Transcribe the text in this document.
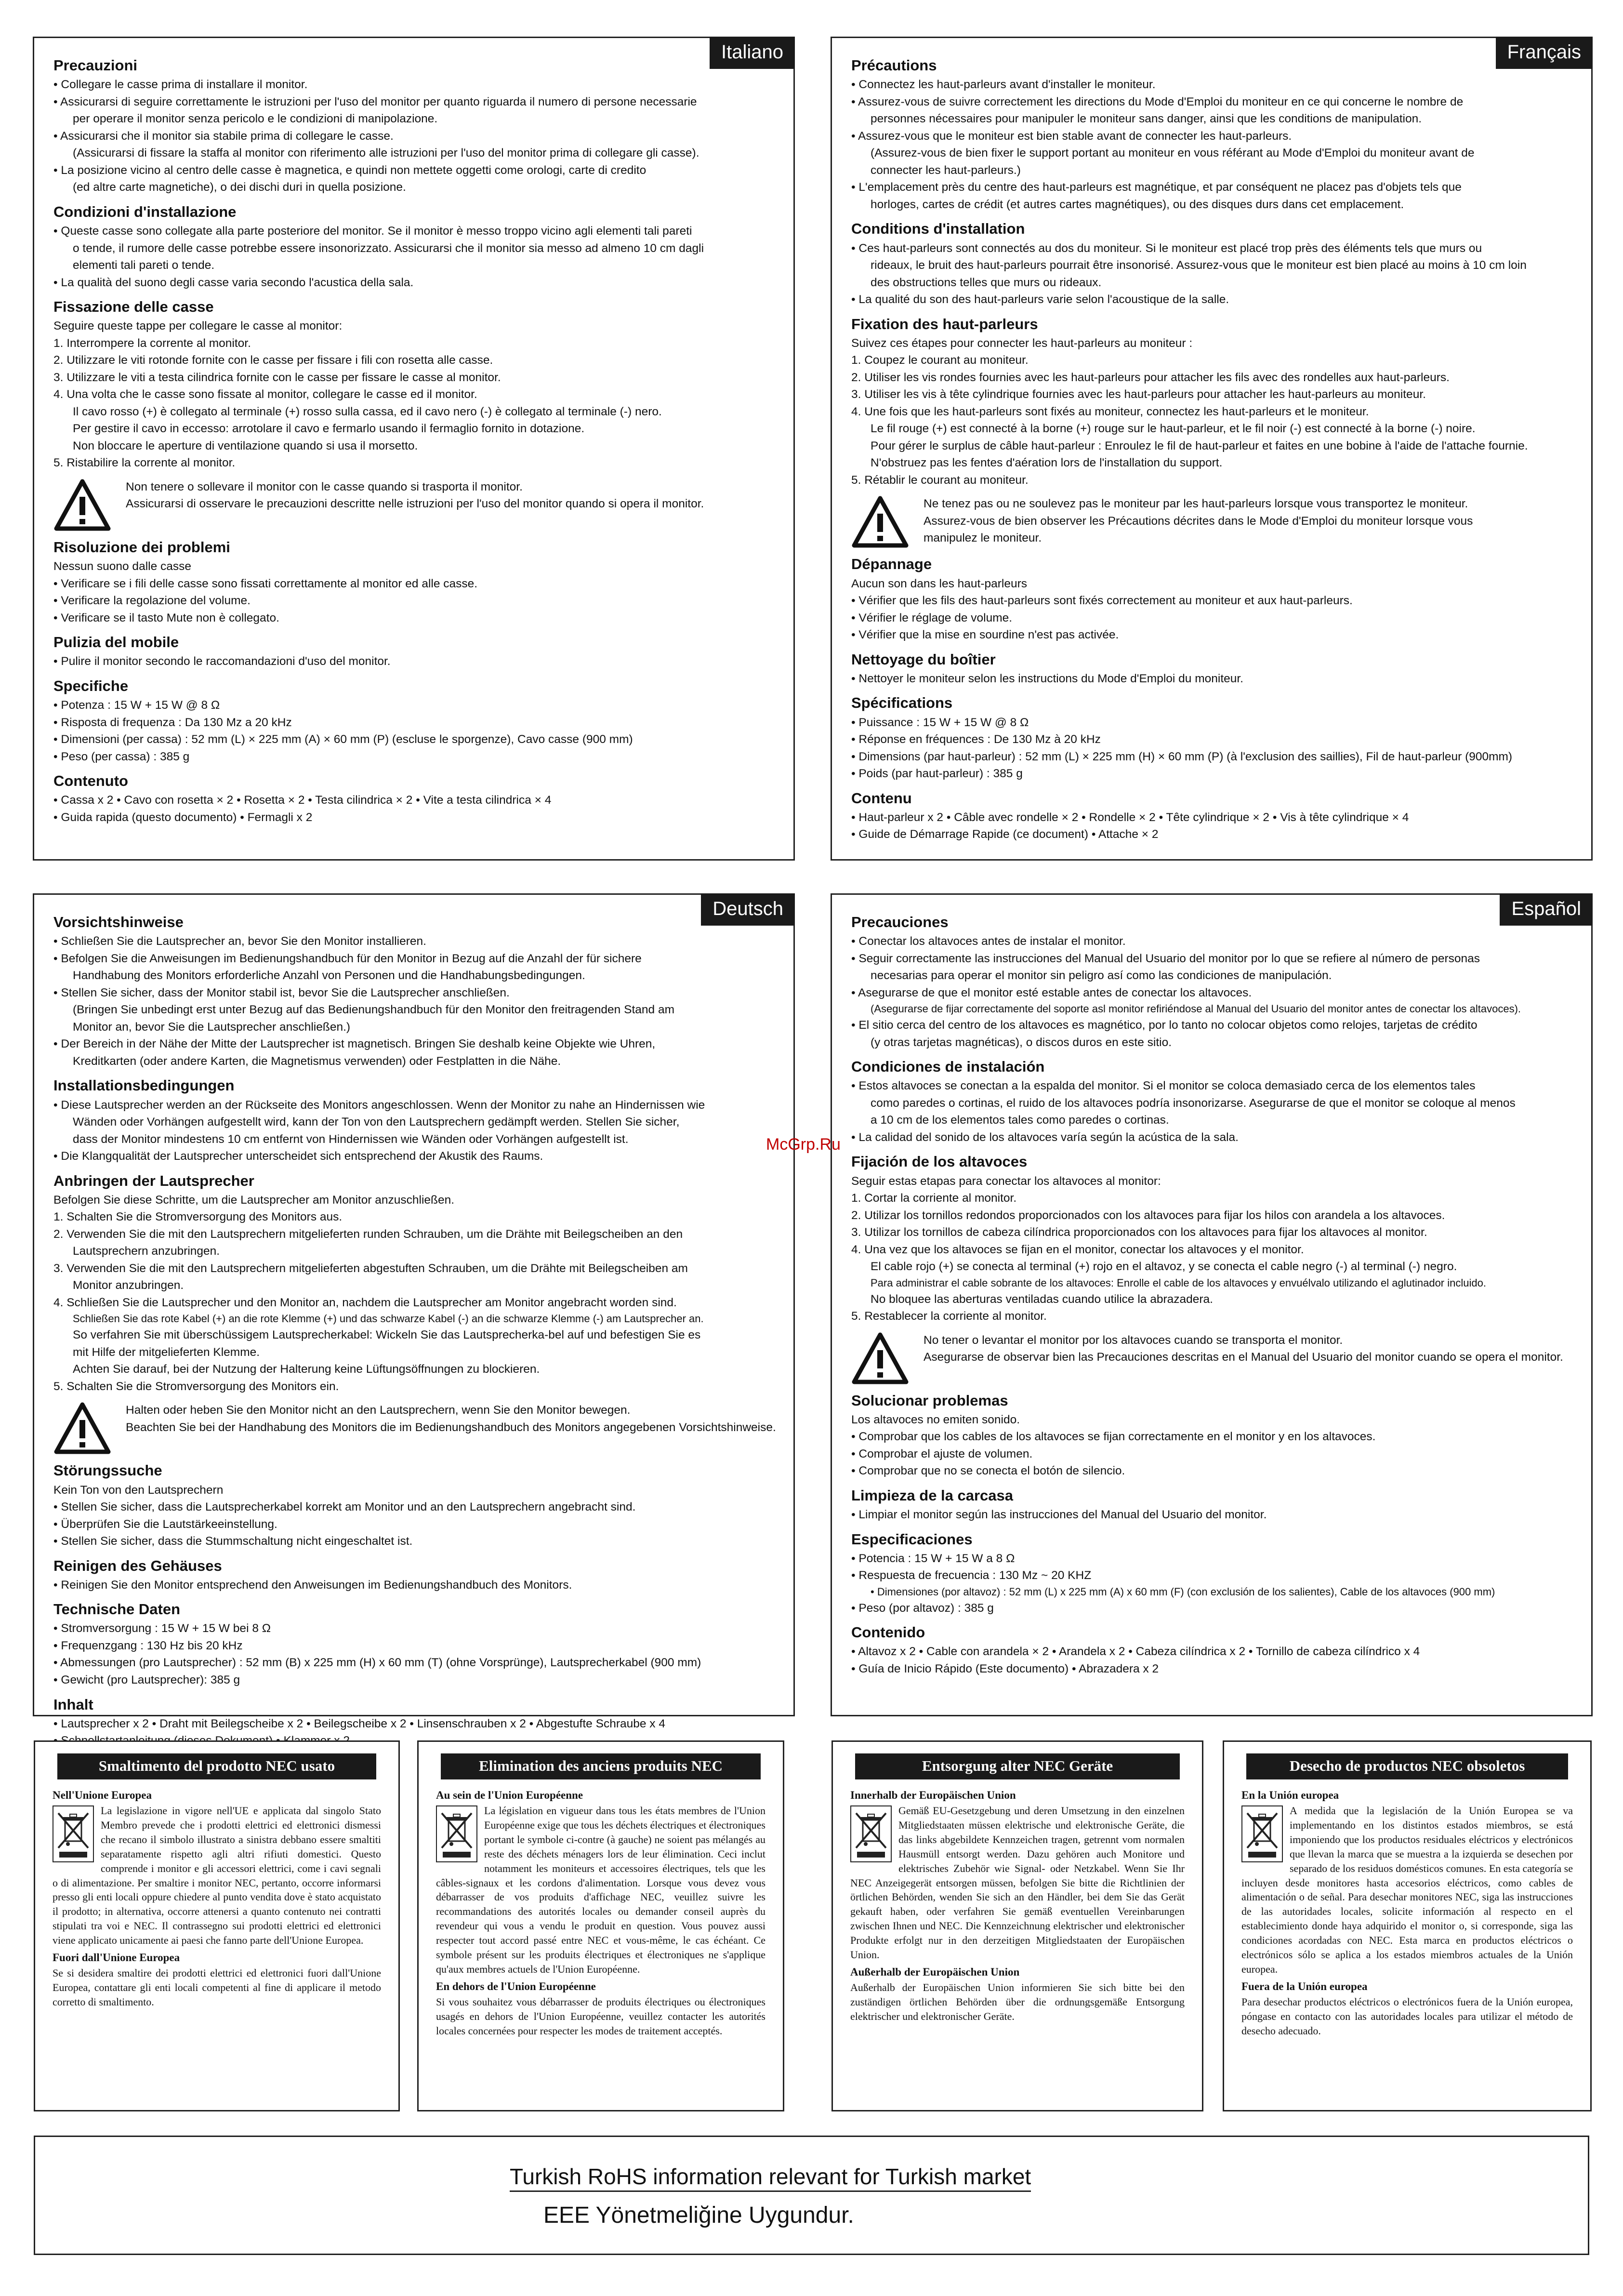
Italiano
Precauzioni
• Collegare le casse prima di installare il monitor.
• Assicurarsi di seguire correttamente le istruzioni per l'uso del monitor per quanto riguarda il numero di persone necessarie
per operare il monitor senza pericolo e le condizioni di manipolazione.
• Assicurarsi che il monitor sia stabile prima di collegare le casse.
(Assicurarsi di fissare la staffa al monitor con riferimento alle istruzioni per l'uso del monitor prima di collegare gli casse).
• La posizione vicino al centro delle casse è magnetica, e quindi non mettete oggetti come orologi, carte di credito
(ed altre carte magnetiche), o dei dischi duri in quella posizione.
Condizioni d'installazione
• Queste casse sono collegate alla parte posteriore del monitor. Se il monitor è messo troppo vicino agli elementi tali pareti
o tende, il rumore delle casse potrebbe essere insonorizzato. Assicurarsi che il monitor sia messo ad almeno 10 cm dagli
elementi tali pareti o tende.
• La qualità del suono degli casse varia secondo l'acustica della sala.
Fissazione delle casse
Seguire queste tappe per collegare le casse al monitor:
1. Interrompere la corrente al monitor.
2. Utilizzare le viti rotonde fornite con le casse per fissare i fili con rosetta alle casse.
3. Utilizzare le viti a testa cilindrica fornite con le casse per fissare le casse al monitor.
4. Una volta che le casse sono fissate al monitor, collegare le casse ed il monitor.
Il cavo rosso (+) è collegato al terminale (+) rosso sulla cassa, ed il cavo nero (-) è collegato al terminale (-) nero.
Per gestire il cavo in eccesso: arrotolare il cavo e fermarlo usando il fermaglio fornito in dotazione.
Non bloccare le aperture di ventilazione quando si usa il morsetto.
5. Ristabilire la corrente al monitor.
Non tenere o sollevare il monitor con le casse quando si trasporta il monitor.
Assicurarsi di osservare le precauzioni descritte nelle istruzioni per l'uso del monitor quando si opera il monitor.
Risoluzione dei problemi
Nessun suono dalle casse
• Verificare se i fili delle casse sono fissati correttamente al monitor ed alle casse.
• Verificare la regolazione del volume.
• Verificare se il tasto Mute non è collegato.
Pulizia del mobile
• Pulire il monitor secondo le raccomandazioni d'uso del monitor.
Specifiche
• Potenza : 15 W + 15 W @ 8 Ω
• Risposta di frequenza : Da 130 Mz a 20 kHz
• Dimensioni (per cassa) : 52 mm (L) × 225 mm (A) × 60 mm (P) (escluse le sporgenze), Cavo casse (900 mm)
• Peso (per cassa) : 385 g
Contenuto
• Cassa x 2 • Cavo con rosetta × 2 • Rosetta × 2 • Testa cilindrica × 2 • Vite a testa cilindrica × 4
• Guida rapida (questo documento) • Fermagli x 2
Français
Précautions
• Connectez les haut-parleurs avant d'installer le moniteur.
• Assurez-vous de suivre correctement les directions du Mode d'Emploi du moniteur en ce qui concerne le nombre de
personnes nécessaires pour manipuler le moniteur sans danger, ainsi que les conditions de manipulation.
• Assurez-vous que le moniteur est bien stable avant de connecter les haut-parleurs.
(Assurez-vous de bien fixer le support portant au moniteur en vous référant au Mode d'Emploi du moniteur avant de
connecter les haut-parleurs.)
• L'emplacement près du centre des haut-parleurs est magnétique, et par conséquent ne placez pas d'objets tels que
horloges, cartes de crédit (et autres cartes magnétiques), ou des disques durs dans cet emplacement.
Conditions d'installation
• Ces haut-parleurs sont connectés au dos du moniteur. Si le moniteur est placé trop près des éléments tels que murs ou
rideaux, le bruit des haut-parleurs pourrait être insonorisé. Assurez-vous que le moniteur est bien placé au moins à 10 cm loin
des obstructions telles que murs ou rideaux.
• La qualité du son des haut-parleurs varie selon l'acoustique de la salle.
Fixation des haut-parleurs
Suivez ces étapes pour connecter les haut-parleurs au moniteur :
1. Coupez le courant au moniteur.
2. Utiliser les vis rondes fournies avec les haut-parleurs pour attacher les fils avec des rondelles aux haut-parleurs.
3. Utiliser les vis à tête cylindrique fournies avec les haut-parleurs pour attacher les haut-parleurs au moniteur.
4. Une fois que les haut-parleurs sont fixés au moniteur, connectez les haut-parleurs et le moniteur.
Le fil rouge (+) est connecté à la borne (+) rouge sur le haut-parleur, et le fil noir (-) est connecté à la borne (-) noire.
Pour gérer le surplus de câble haut-parleur : Enroulez le fil de haut-parleur et faites en une bobine à l'aide de l'attache fournie.
N'obstruez pas les fentes d'aération lors de l'installation du support.
5. Rétablir le courant au moniteur.
Ne tenez pas ou ne soulevez pas le moniteur par les haut-parleurs lorsque vous transportez le moniteur.
Assurez-vous de bien observer les Précautions décrites dans le Mode d'Emploi du moniteur lorsque vous
manipulez le moniteur.
Dépannage
Aucun son dans les haut-parleurs
• Vérifier que les fils des haut-parleurs sont fixés correctement au moniteur et aux haut-parleurs.
• Vérifier le réglage de volume.
• Vérifier que la mise en sourdine n'est pas activée.
Nettoyage du boîtier
• Nettoyer le moniteur selon les instructions du Mode d'Emploi du moniteur.
Spécifications
• Puissance : 15 W + 15 W @ 8 Ω
• Réponse en fréquences : De 130 Mz à 20 kHz
• Dimensions (par haut-parleur) : 52 mm (L) × 225 mm (H) × 60 mm (P) (à l'exclusion des saillies), Fil de haut-parleur (900mm)
• Poids (par haut-parleur) : 385 g
Contenu
• Haut-parleur x 2 • Câble avec rondelle × 2 • Rondelle × 2 • Tête cylindrique × 2 • Vis à tête cylindrique × 4
• Guide de Démarrage Rapide (ce document) • Attache × 2
Deutsch
Vorsichtshinweise
• Schließen Sie die Lautsprecher an, bevor Sie den Monitor installieren.
• Befolgen Sie die Anweisungen im Bedienungshandbuch für den Monitor in Bezug auf die Anzahl der für sichere
Handhabung des Monitors erforderliche Anzahl von Personen und die Handhabungsbedingungen.
• Stellen Sie sicher, dass der Monitor stabil ist, bevor Sie die Lautsprecher anschließen.
(Bringen Sie unbedingt erst unter Bezug auf das Bedienungshandbuch für den Monitor den freitragenden Stand am
Monitor an, bevor Sie die Lautsprecher anschließen.)
• Der Bereich in der Nähe der Mitte der Lautsprecher ist magnetisch. Bringen Sie deshalb keine Objekte wie Uhren,
Kreditkarten (oder andere Karten, die Magnetismus verwenden) oder Festplatten in die Nähe.
Installationsbedingungen
• Diese Lautsprecher werden an der Rückseite des Monitors angeschlossen. Wenn der Monitor zu nahe an Hindernissen wie
Wänden oder Vorhängen aufgestellt wird, kann der Ton von den Lautsprechern gedämpft werden. Stellen Sie sicher,
dass der Monitor mindestens 10 cm entfernt von Hindernissen wie Wänden oder Vorhängen aufgestellt ist.
• Die Klangqualität der Lautsprecher unterscheidet sich entsprechend der Akustik des Raums.
Anbringen der Lautsprecher
Befolgen Sie diese Schritte, um die Lautsprecher am Monitor anzuschließen.
1. Schalten Sie die Stromversorgung des Monitors aus.
2. Verwenden Sie die mit den Lautsprechern mitgelieferten runden Schrauben, um die Drähte mit Beilegscheiben an den
Lautsprechern anzubringen.
3. Verwenden Sie die mit den Lautsprechern mitgelieferten abgestuften Schrauben, um die Drähte mit Beilegscheiben am
Monitor anzubringen.
4. Schließen Sie die Lautsprecher und den Monitor an, nachdem die Lautsprecher am Monitor angebracht worden sind.
Schließen Sie das rote Kabel (+) an die rote Klemme (+) und das schwarze Kabel (-) an die schwarze Klemme (-) am Lautsprecher an.
So verfahren Sie mit überschüssigem Lautsprecherkabel: Wickeln Sie das Lautsprecherka-bel auf und befestigen Sie es
mit Hilfe der mitgelieferten Klemme.
Achten Sie darauf, bei der Nutzung der Halterung keine Lüftungsöffnungen zu blockieren.
5. Schalten Sie die Stromversorgung des Monitors ein.
Halten oder heben Sie den Monitor nicht an den Lautsprechern, wenn Sie den Monitor bewegen.
Beachten Sie bei der Handhabung des Monitors die im Bedienungshandbuch des Monitors angegebenen Vorsichtshinweise.
Störungssuche
Kein Ton von den Lautsprechern
• Stellen Sie sicher, dass die Lautsprecherkabel korrekt am Monitor und an den Lautsprechern angebracht sind.
• Überprüfen Sie die Lautstärkeeinstellung.
• Stellen Sie sicher, dass die Stummschaltung nicht eingeschaltet ist.
Reinigen des Gehäuses
• Reinigen Sie den Monitor entsprechend den Anweisungen im Bedienungshandbuch des Monitors.
Technische Daten
• Stromversorgung : 15 W + 15 W bei 8 Ω
• Frequenzgang : 130 Hz bis 20 kHz
• Abmessungen (pro Lautsprecher) : 52 mm (B) x 225 mm (H) x 60 mm (T) (ohne Vorsprünge), Lautsprecherkabel (900 mm)
• Gewicht (pro Lautsprecher): 385 g
Inhalt
• Lautsprecher x 2 • Draht mit Beilegscheibe x 2 • Beilegscheibe x 2 • Linsenschrauben x 2 • Abgestufte Schraube x 4
Español
Precauciones
• Conectar los altavoces antes de instalar el monitor.
• Seguir correctamente las instrucciones del Manual del Usuario del monitor por lo que se refiere al número de personas
necesarias para operar el monitor sin peligro así como las condiciones de manipulación.
• Asegurarse de que el monitor esté estable antes de conectar los altavoces.
(Asegurarse de fijar correctamente del soporte asl monitor refiriéndose al Manual del Usuario del monitor antes de conectar los altavoces).
• El sitio cerca del centro de los altavoces es magnético, por lo tanto no colocar objetos como relojes, tarjetas de crédito
(y otras tarjetas magnéticas), o discos duros en este sitio.
Condiciones de instalación
• Estos altavoces se conectan a la espalda del monitor. Si el monitor se coloca demasiado cerca de los elementos tales
como paredes o cortinas, el ruido de los altavoces podría insonorizarse. Asegurarse de que el monitor se coloque al menos
a 10 cm de los elementos tales como paredes o cortinas.
• La calidad del sonido de los altavoces varía según la acústica de la sala.
Fijación de los altavoces
Seguir estas etapas para conectar los altavoces al monitor:
1. Cortar la corriente al monitor.
2. Utilizar los tornillos redondos proporcionados con los altavoces para fijar los hilos con arandela a los altavoces.
3. Utilizar los tornillos de cabeza cilíndrica proporcionados con los altavoces para fijar los altavoces al monitor.
4. Una vez que los altavoces se fijan en el monitor, conectar los altavoces y el monitor.
El cable rojo (+) se conecta al terminal (+) rojo en el altavoz, y se conecta el cable negro (-) al terminal (-) negro.
Para administrar el cable sobrante de los altavoces: Enrolle el cable de los altavoces y envuélvalo utilizando el aglutinador incluido.
No bloquee las aberturas ventiladas cuando utilice la abrazadera.
5. Restablecer la corriente al monitor.
No tener o levantar el monitor por los altavoces cuando se transporta el monitor.
Asegurarse de observar bien las Precauciones descritas en el Manual del Usuario del monitor cuando se opera el monitor.
Solucionar problemas
Los altavoces no emiten sonido.
• Comprobar que los cables de los altavoces se fijan correctamente en el monitor y en los altavoces.
• Comprobar el ajuste de volumen.
• Comprobar que no se conecta el botón de silencio.
Limpieza de la carcasa
• Limpiar el monitor según las instrucciones del Manual del Usuario del monitor.
Especificaciones
• Potencia : 15 W + 15 W a 8 Ω
• Respuesta de frecuencia : 130 Mz ~ 20 KHZ
• Dimensiones (por altavoz) : 52 mm (L) x 225 mm (A) x 60 mm (F) (con exclusión de los salientes), Cable de los altavoces (900 mm)
• Peso (por altavoz) : 385 g
Contenido
• Altavoz x 2 • Cable con arandela × 2 • Arandela x 2 • Cabeza cilíndrica x 2 • Tornillo de cabeza cilíndrico x 4
• Guía de Inicio Rápido (Este documento) • Abrazadera x 2
McGrp.Ru
Smaltimento del prodotto NEC usato
Nell'Unione Europea
La legislazione in vigore nell'UE e applicata dal singolo Stato Membro prevede che i prodotti elettrici ed elettronici dismessi che recano il simbolo illustrato a sinistra debbano essere smaltiti separatamente rispetto agli altri rifiuti domestici. Questo comprende i monitor e gli accessori elettrici, come i cavi segnali o di alimentazione. Per smaltire i monitor NEC, pertanto, occorre informarsi presso gli enti locali oppure chiedere al punto vendita dove è stato acquistato il prodotto; in alternativa, occorre attenersi a quanto contenuto nei contratti stipulati tra voi e NEC. Il contrassegno sui prodotti elettrici ed elettronici viene applicato unicamente ai paesi che fanno parte dell'Unione Europea.
Fuori dall'Unione Europea
Se si desidera smaltire dei prodotti elettrici ed elettronici fuori dall'Unione Europea, contattare gli enti locali competenti al fine di applicare il metodo corretto di smaltimento.
Elimination des anciens produits NEC
Au sein de l'Union Européenne
La législation en vigueur dans tous les états membres de l'Union Européenne exige que tous les déchets électriques et électroniques portant le symbole ci-contre (à gauche) ne soient pas mélangés au reste des déchets ménagers lors de leur élimination. Ceci inclut notamment les moniteurs et accessoires électriques, tels que les câbles-signaux et les cordons d'alimentation. Lorsque vous devez vous débarrasser de vos produits d'affichage NEC, veuillez suivre les recommandations des autorités locales ou demander conseil auprès du revendeur qui vous a vendu le produit en question. Vous pouvez aussi respecter tout accord passé entre NEC et vous-même, le cas échéant. Ce symbole présent sur les produits électriques et électroniques ne s'applique qu'aux membres actuels de l'Union Européenne.
En dehors de l'Union Européenne
Si vous souhaitez vous débarrasser de produits électriques ou électroniques usagés en dehors de l'Union Européenne, veuillez contacter les autorités locales concernées pour respecter les modes de traitement acceptés.
Entsorgung alter NEC Geräte
Innerhalb der Europäischen Union
Gemäß EU-Gesetzgebung und deren Umsetzung in den einzelnen Mitgliedstaaten müssen elektrische und elektronische Geräte, die das links abgebildete Kennzeichen tragen, getrennt vom normalen Hausmüll entsorgt werden. Dazu gehören auch Monitore und elektrisches Zubehör wie Signal- oder Netzkabel. Wenn Sie Ihr NEC Anzeigegerät entsorgen müssen, befolgen Sie bitte die Richtlinien der örtlichen Behörden, wenden Sie sich an den Händler, bei dem Sie das Gerät gekauft haben, oder verfahren Sie gemäß eventuellen Vereinbarungen zwischen Ihnen und NEC. Die Kennzeichnung elektrischer und elektronischer Produkte erfolgt nur in den derzeitigen Mitgliedstaaten der Europäischen Union.
Außerhalb der Europäischen Union
Außerhalb der Europäischen Union informieren Sie sich bitte bei den zuständigen örtlichen Behörden über die ordnungsgemäße Entsorgung elektrischer und elektronischer Geräte.
Desecho de productos NEC obsoletos
En la Unión europea
A medida que la legislación de la Unión Europea se va implementando en los distintos estados miembros, se está imponiendo que los productos residuales eléctricos y electrónicos que llevan la marca que se muestra a la izquierda se desechen por separado de los residuos domésticos comunes. En esta categoría se incluyen desde monitores hasta accesorios eléctricos, como cables de alimentación o de señal. Para desechar monitores NEC, siga las instrucciones de las autoridades locales, solicite información al respecto en el establecimiento donde haya adquirido el monitor o, si corresponde, siga las condiciones acordadas con NEC. Esta marca en productos eléctricos o electrónicos sólo se aplica a los estados miembros actuales de la Unión europea.
Fuera de la Unión europea
Para desechar productos eléctricos o electrónicos fuera de la Unión europea, póngase en contacto con las autoridades locales para utilizar el método de desecho adecuado.
Turkish RoHS information relevant for Turkish market
EEE Yönetmeliğine Uygundur.
